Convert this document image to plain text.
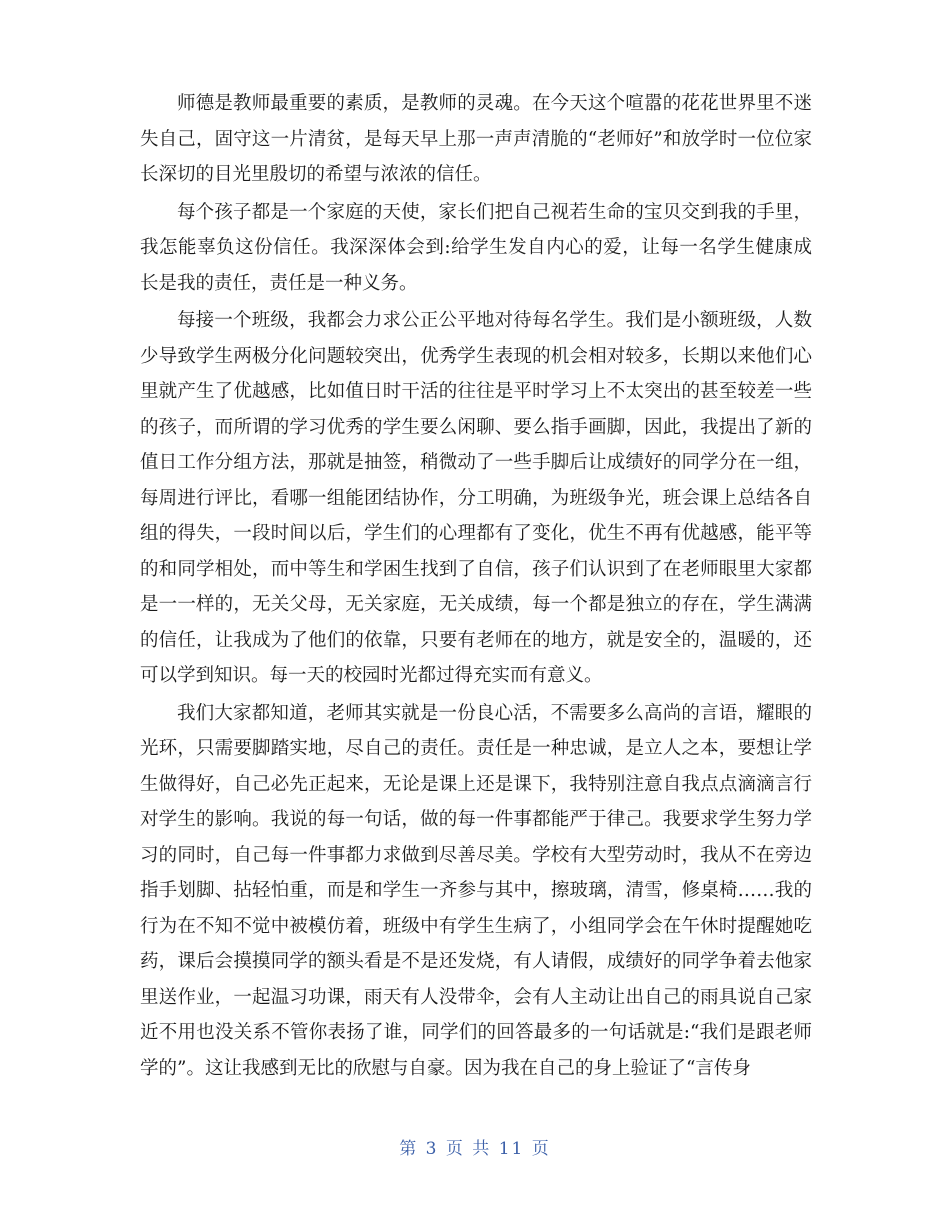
师德是教师最重要的素质，是教师的灵魂。在今天这个喧嚣的花花世界里不迷失自己，固守这一片清贫，是每天早上那一声声清脆的“老师好”和放学时一位位家长深切的目光里殷切的希望与浓浓的信任。

每个孩子都是一个家庭的天使，家长们把自己视若生命的宝贝交到我的手里，我怎能辜负这份信任。我深深体会到:给学生发自内心的爱，让每一名学生健康成长是我的责任，责任是一种义务。

每接一个班级，我都会力求公正公平地对待每名学生。我们是小额班级，人数少导致学生两极分化问题较突出，优秀学生表现的机会相对较多，长期以来他们心里就产生了优越感，比如值日时干活的往往是平时学习上不太突出的甚至较差一些的孩子，而所谓的学习优秀的学生要么闲聊、要么指手画脚，因此，我提出了新的值日工作分组方法，那就是抽签，稍微动了一些手脚后让成绩好的同学分在一组，每周进行评比，看哪一组能团结协作，分工明确，为班级争光，班会课上总结各自组的得失，一段时间以后，学生们的心理都有了变化，优生不再有优越感，能平等的和同学相处，而中等生和学困生找到了自信，孩子们认识到了在老师眼里大家都是一一样的，无关父母，无关家庭，无关成绩，每一个都是独立的存在，学生满满的信任，让我成为了他们的依靠，只要有老师在的地方，就是安全的，温暖的，还可以学到知识。每一天的校园时光都过得充实而有意义。

我们大家都知道，老师其实就是一份良心活，不需要多么高尚的言语，耀眼的光环，只需要脚踏实地，尽自己的责任。责任是一种忠诚，是立人之本，要想让学生做得好，自己必先正起来，无论是课上还是课下，我特别注意自我点点滴滴言行对学生的影响。我说的每一句话，做的每一件事都能严于律己。我要求学生努力学习的同时，自己每一件事都力求做到尽善尽美。学校有大型劳动时，我从不在旁边指手划脚、拈轻怕重，而是和学生一齐参与其中，擦玻璃，清雪，修桌椅……我的行为在不知不觉中被模仿着，班级中有学生生病了，小组同学会在午休时提醒她吃药，课后会摸摸同学的额头看是不是还发烧，有人请假，成绩好的同学争着去他家里送作业，一起温习功课，雨天有人没带伞，会有人主动让出自己的雨具说自己家近不用也没关系不管你表扬了谁，同学们的回答最多的一句话就是:“我们是跟老师学的”。这让我感到无比的欣慰与自豪。因为我在自己的身上验证了“言传身

第 3 页 共 11 页
